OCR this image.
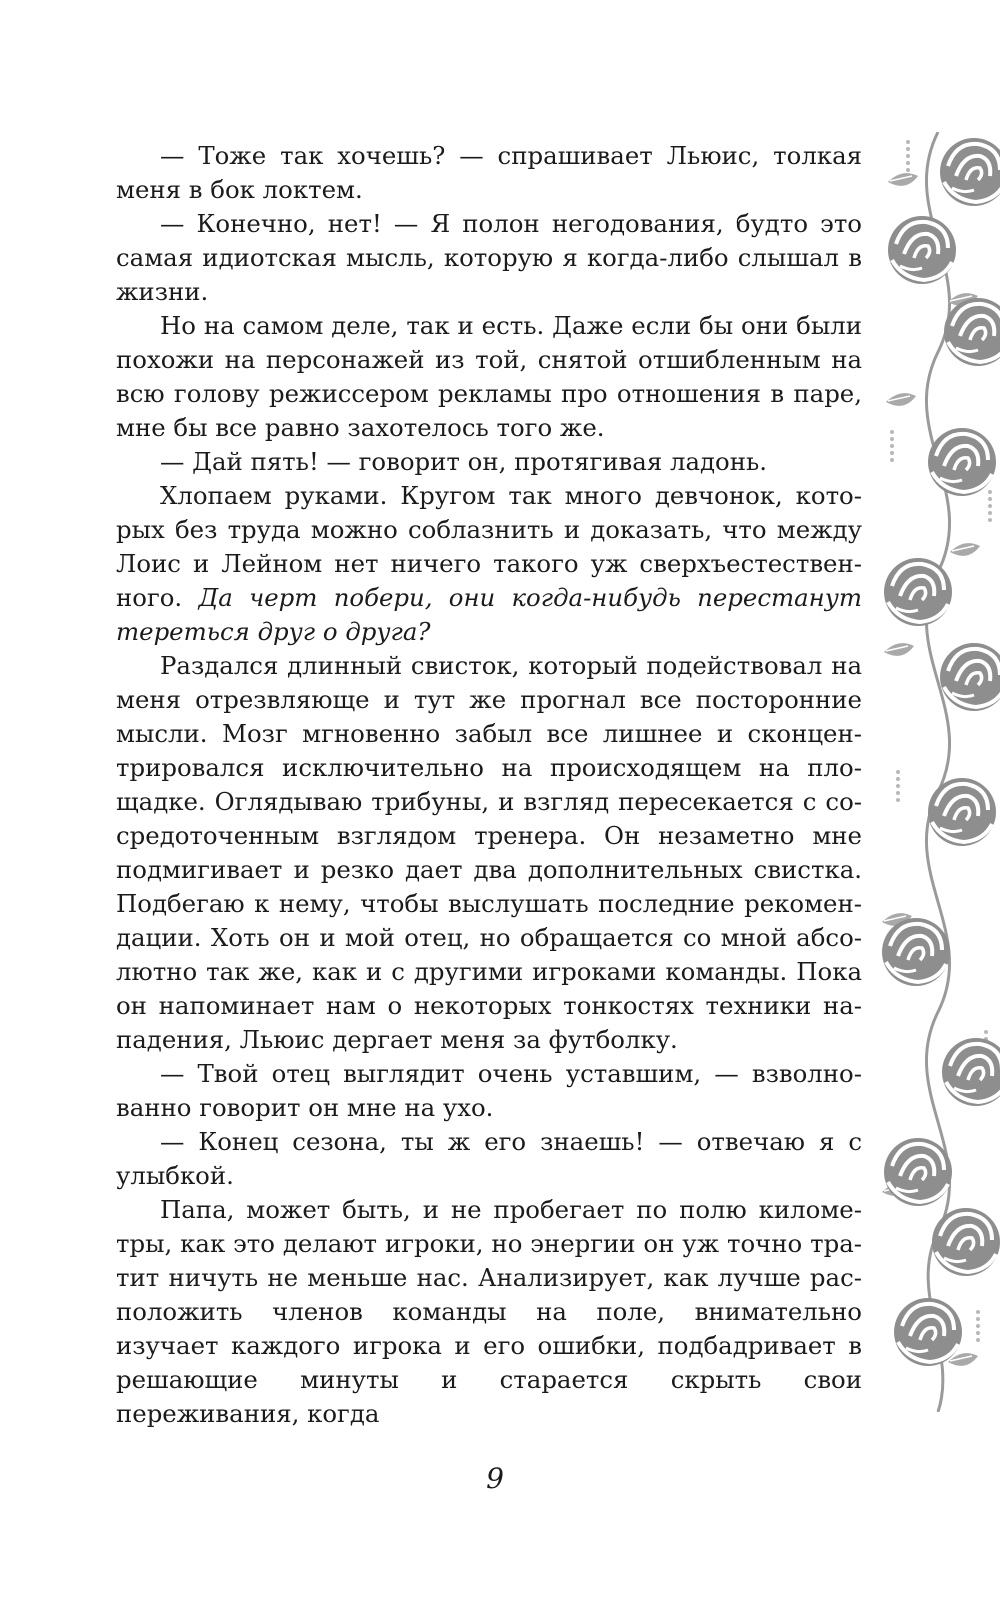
— Тоже так хочешь? — спрашивает Льюис, толкая меня в бок локтем.

— Конечно, нет! — Я полон негодования, будто это самая идиотская мысль, которую я когда-либо слышал в жизни.

Но на самом деле, так и есть. Даже если бы они были похожи на персонажей из той, снятой отшибленным на всю голову режиссером рекламы про отношения в паре, мне бы все равно захотелось того же.

— Дай пять! — говорит он, протягивая ладонь.

Хлопаем руками. Кругом так много девчонок, которых без труда можно соблазнить и доказать, что между Лоис и Лейном нет ничего такого уж сверхъестественного. Да черт побери, они когда-нибудь перестанут тереться друг о друга?

Раздался длинный свисток, который подействовал на меня отрезвляюще и тут же прогнал все посторонние мысли. Мозг мгновенно забыл все лишнее и сконцентрировался исключительно на происходящем на площадке. Оглядываю трибуны, и взгляд пересекается с сосредоточенным взглядом тренера. Он незаметно мне подмигивает и резко дает два дополнительных свистка. Подбегаю к нему, чтобы выслушать последние рекомендации. Хоть он и мой отец, но обращается со мной абсолютно так же, как и с другими игроками команды. Пока он напоминает нам о некоторых тонкостях техники нападения, Льюис дергает меня за футболку.

— Твой отец выглядит очень уставшим, — взволнованно говорит он мне на ухо.

— Конец сезона, ты ж его знаешь! — отвечаю я с улыбкой.

Папа, может быть, и не пробегает по полю километры, как это делают игроки, но энергии он уж точно тратит ничуть не меньше нас. Анализирует, как лучше расположить членов команды на поле, внимательно изучает каждого игрока и его ошибки, подбадривает в решающие минуты и старается скрыть свои переживания, когда

9
